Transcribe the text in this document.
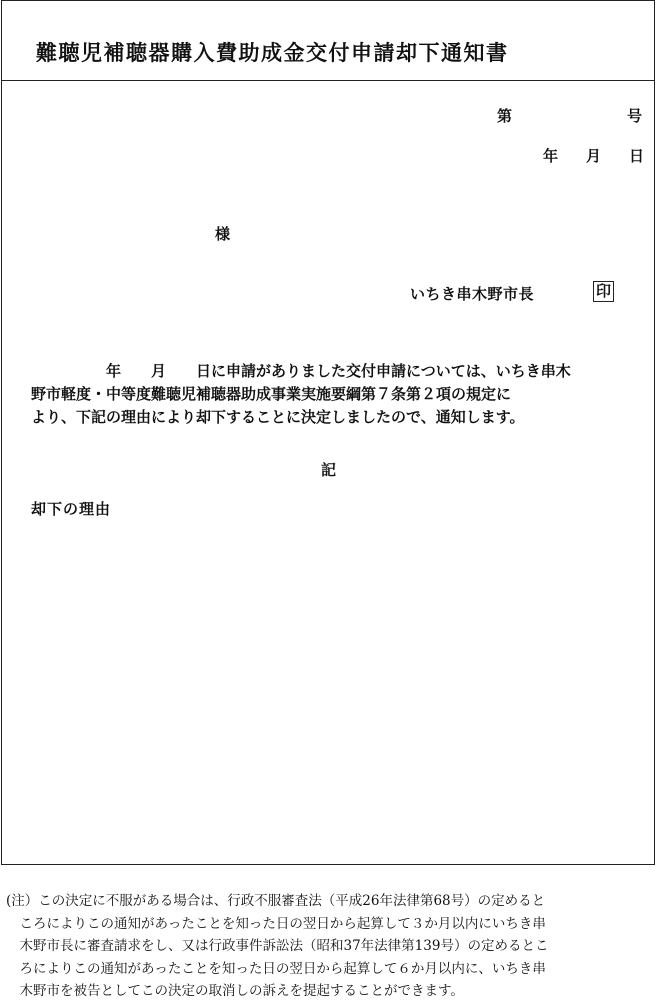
難聴児補聴器購入費助成金交付申請却下通知書
第	号
年 月 日
様
いちき串木野市長	印
　　　　　年　　月　　日に申請がありました交付申請については、いちき串木
野市軽度・中等度難聴児補聴器助成事業実施要綱第７条第２項の規定に
より、下記の理由により却下することに決定しましたので、通知します。
記
却下の理由
(注）この決定に不服がある場合は、行政不服審査法（平成26年法律第68号）の定めると
　ころによりこの通知があったことを知った日の翌日から起算して３か月以内にいちき串
　木野市長に審査請求をし、又は行政事件訴訟法（昭和37年法律第139号）の定めるとこ
　ろによりこの通知があったことを知った日の翌日から起算して６か月以内に、いちき串
　木野市を被告としてこの決定の取消しの訴えを提起することができます。
